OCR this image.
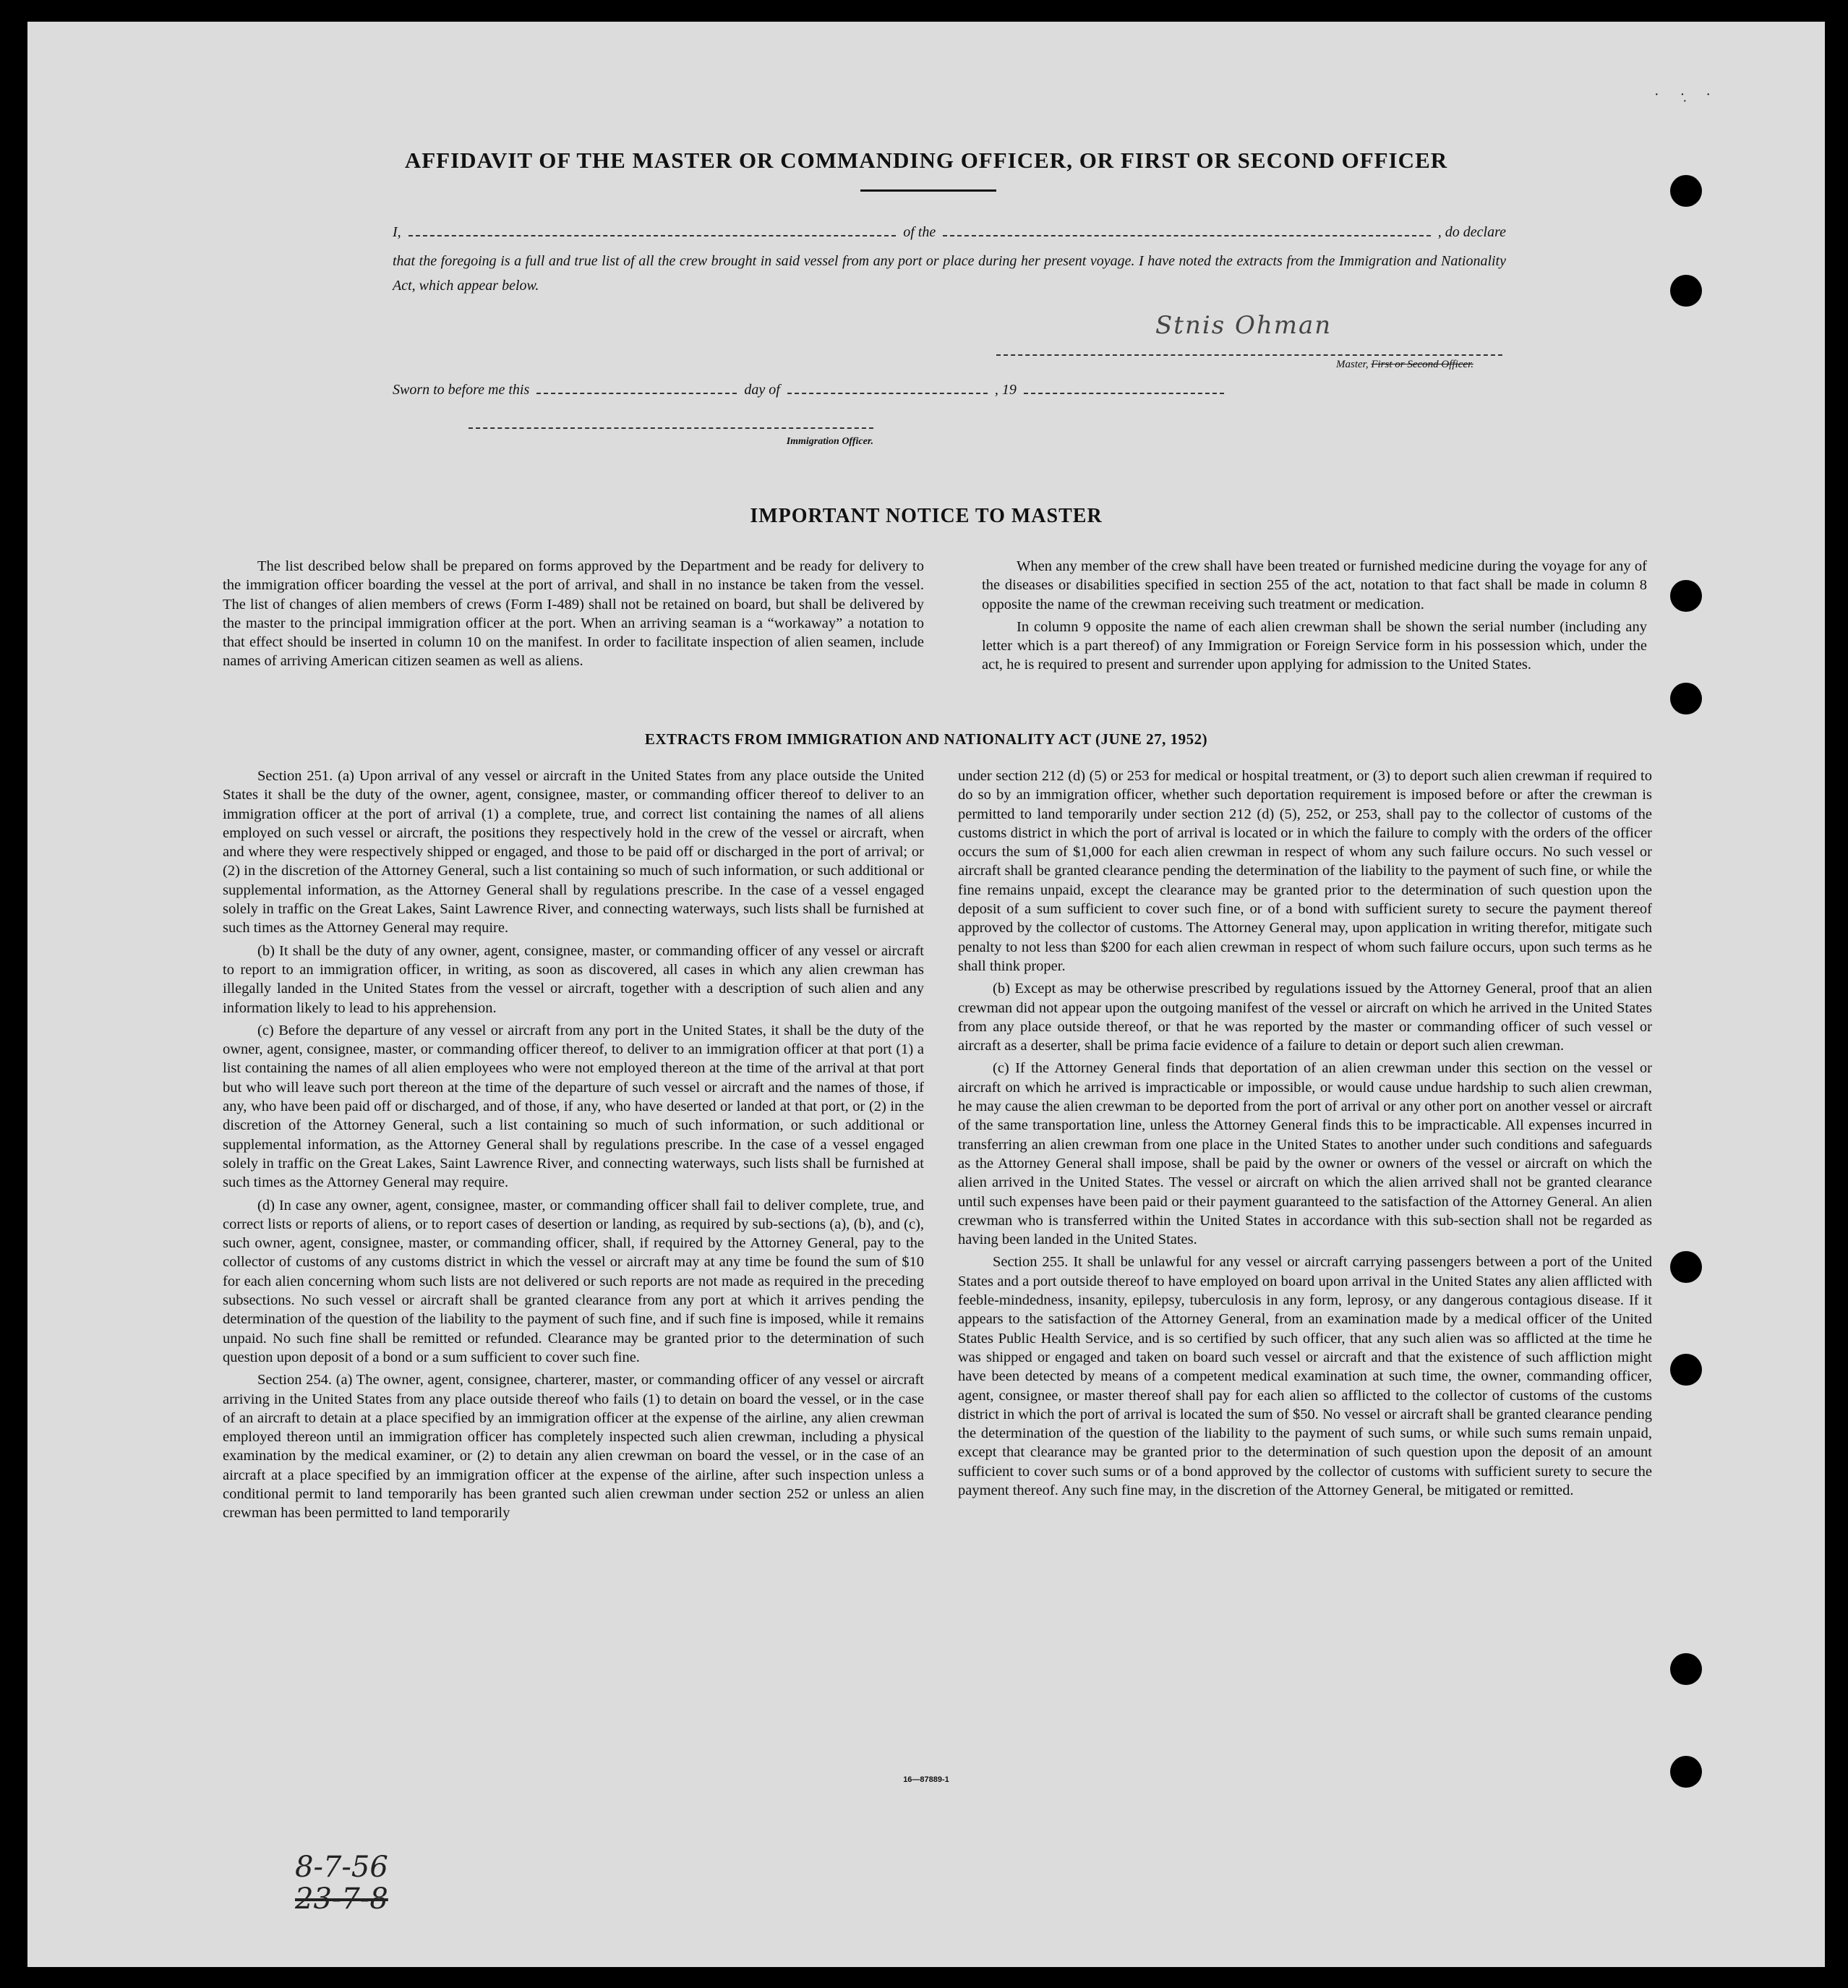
· ·̣ ·
AFFIDAVIT OF THE MASTER OR COMMANDING OFFICER, OR FIRST OR SECOND OFFICER
I,	of the	, do declare
that the foregoing is a full and true list of all the crew brought in said vessel from any port or place during her present voyage. I have noted the extracts from the Immigration and Nationality Act, which appear below.
Stnis Ohman
Master, First or Second Officer.
Sworn to before me this	day of	, 19
Immigration Officer.
IMPORTANT NOTICE TO MASTER

The list described below shall be prepared on forms approved by the Department and be ready for delivery to the immigration officer boarding the vessel at the port of arrival, and shall in no instance be taken from the vessel. The list of changes of alien members of crews (Form I-489) shall not be retained on board, but shall be delivered by the master to the principal immigration officer at the port. When an arriving seaman is a “workaway” a notation to that effect should be inserted in column 10 on the manifest. In order to facilitate inspection of alien seamen, include names of arriving American citizen seamen as well as aliens.

When any member of the crew shall have been treated or furnished medicine during the voyage for any of the diseases or disabilities specified in section 255 of the act, notation to that fact shall be made in column 8 opposite the name of the crewman receiving such treatment or medication.

In column 9 opposite the name of each alien crewman shall be shown the serial number (including any letter which is a part thereof) of any Immigration or Foreign Service form in his possession which, under the act, he is required to present and surrender upon applying for admission to the United States.

EXTRACTS FROM IMMIGRATION AND NATIONALITY ACT (JUNE 27, 1952)

Section 251. (a) Upon arrival of any vessel or aircraft in the United States from any place outside the United States it shall be the duty of the owner, agent, consignee, master, or commanding officer thereof to deliver to an immigration officer at the port of arrival (1) a complete, true, and correct list containing the names of all aliens employed on such vessel or aircraft, the positions they respectively hold in the crew of the vessel or aircraft, when and where they were respectively shipped or engaged, and those to be paid off or discharged in the port of arrival; or (2) in the discretion of the Attorney General, such a list containing so much of such information, or such additional or supplemental information, as the Attorney General shall by regulations prescribe. In the case of a vessel engaged solely in traffic on the Great Lakes, Saint Lawrence River, and connecting waterways, such lists shall be furnished at such times as the Attorney General may require.

(b) It shall be the duty of any owner, agent, consignee, master, or commanding officer of any vessel or aircraft to report to an immigration officer, in writing, as soon as discovered, all cases in which any alien crewman has illegally landed in the United States from the vessel or aircraft, together with a description of such alien and any information likely to lead to his apprehension.

(c) Before the departure of any vessel or aircraft from any port in the United States, it shall be the duty of the owner, agent, consignee, master, or commanding officer thereof, to deliver to an immigration officer at that port (1) a list containing the names of all alien employees who were not employed thereon at the time of the arrival at that port but who will leave such port thereon at the time of the departure of such vessel or aircraft and the names of those, if any, who have been paid off or discharged, and of those, if any, who have deserted or landed at that port, or (2) in the discretion of the Attorney General, such a list containing so much of such information, or such additional or supplemental information, as the Attorney General shall by regulations prescribe. In the case of a vessel engaged solely in traffic on the Great Lakes, Saint Lawrence River, and connecting waterways, such lists shall be furnished at such times as the Attorney General may require.

(d) In case any owner, agent, consignee, master, or commanding officer shall fail to deliver complete, true, and correct lists or reports of aliens, or to report cases of desertion or landing, as required by sub-sections (a), (b), and (c), such owner, agent, consignee, master, or commanding officer, shall, if required by the Attorney General, pay to the collector of customs of any customs district in which the vessel or aircraft may at any time be found the sum of $10 for each alien concerning whom such lists are not delivered or such reports are not made as required in the preceding subsections. No such vessel or aircraft shall be granted clearance from any port at which it arrives pending the determination of the question of the liability to the payment of such fine, and if such fine is imposed, while it remains unpaid. No such fine shall be remitted or refunded. Clearance may be granted prior to the determination of such question upon deposit of a bond or a sum sufficient to cover such fine.

Section 254. (a) The owner, agent, consignee, charterer, master, or commanding officer of any vessel or aircraft arriving in the United States from any place outside thereof who fails (1) to detain on board the vessel, or in the case of an aircraft to detain at a place specified by an immigration officer at the expense of the airline, any alien crewman employed thereon until an immigration officer has completely inspected such alien crewman, including a physical examination by the medical examiner, or (2) to detain any alien crewman on board the vessel, or in the case of an aircraft at a place specified by an immigration officer at the expense of the airline, after such inspection unless a conditional permit to land temporarily has been granted such alien crewman under section 252 or unless an alien crewman has been permitted to land temporarily

under section 212 (d) (5) or 253 for medical or hospital treatment, or (3) to deport such alien crewman if required to do so by an immigration officer, whether such deportation requirement is imposed before or after the crewman is permitted to land temporarily under section 212 (d) (5), 252, or 253, shall pay to the collector of customs of the customs district in which the port of arrival is located or in which the failure to comply with the orders of the officer occurs the sum of $1,000 for each alien crewman in respect of whom any such failure occurs. No such vessel or aircraft shall be granted clearance pending the determination of the liability to the payment of such fine, or while the fine remains unpaid, except the clearance may be granted prior to the determination of such question upon the deposit of a sum sufficient to cover such fine, or of a bond with sufficient surety to secure the payment thereof approved by the collector of customs. The Attorney General may, upon application in writing therefor, mitigate such penalty to not less than $200 for each alien crewman in respect of whom such failure occurs, upon such terms as he shall think proper.

(b) Except as may be otherwise prescribed by regulations issued by the Attorney General, proof that an alien crewman did not appear upon the outgoing manifest of the vessel or aircraft on which he arrived in the United States from any place outside thereof, or that he was reported by the master or commanding officer of such vessel or aircraft as a deserter, shall be prima facie evidence of a failure to detain or deport such alien crewman.

(c) If the Attorney General finds that deportation of an alien crewman under this section on the vessel or aircraft on which he arrived is impracticable or impossible, or would cause undue hardship to such alien crewman, he may cause the alien crewman to be deported from the port of arrival or any other port on another vessel or aircraft of the same transportation line, unless the Attorney General finds this to be impracticable. All expenses incurred in transferring an alien crewman from one place in the United States to another under such conditions and safeguards as the Attorney General shall impose, shall be paid by the owner or owners of the vessel or aircraft on which the alien arrived in the United States. The vessel or aircraft on which the alien arrived shall not be granted clearance until such expenses have been paid or their payment guaranteed to the satisfaction of the Attorney General. An alien crewman who is transferred within the United States in accordance with this sub-section shall not be regarded as having been landed in the United States.

Section 255. It shall be unlawful for any vessel or aircraft carrying passengers between a port of the United States and a port outside thereof to have employed on board upon arrival in the United States any alien afflicted with feeble-mindedness, insanity, epilepsy, tuberculosis in any form, leprosy, or any dangerous contagious disease. If it appears to the satisfaction of the Attorney General, from an examination made by a medical officer of the United States Public Health Service, and is so certified by such officer, that any such alien was so afflicted at the time he was shipped or engaged and taken on board such vessel or aircraft and that the existence of such affliction might have been detected by means of a competent medical examination at such time, the owner, commanding officer, agent, consignee, or master thereof shall pay for each alien so afflicted to the collector of customs of the customs district in which the port of arrival is located the sum of $50. No vessel or aircraft shall be granted clearance pending the determination of the question of the liability to the payment of such sums, or while such sums remain unpaid, except that clearance may be granted prior to the determination of such question upon the deposit of an amount sufficient to cover such sums or of a bond approved by the collector of customs with sufficient surety to secure the payment thereof. Any such fine may, in the discretion of the Attorney General, be mitigated or remitted.

16—87889-1
8-7-56
23-7-8
